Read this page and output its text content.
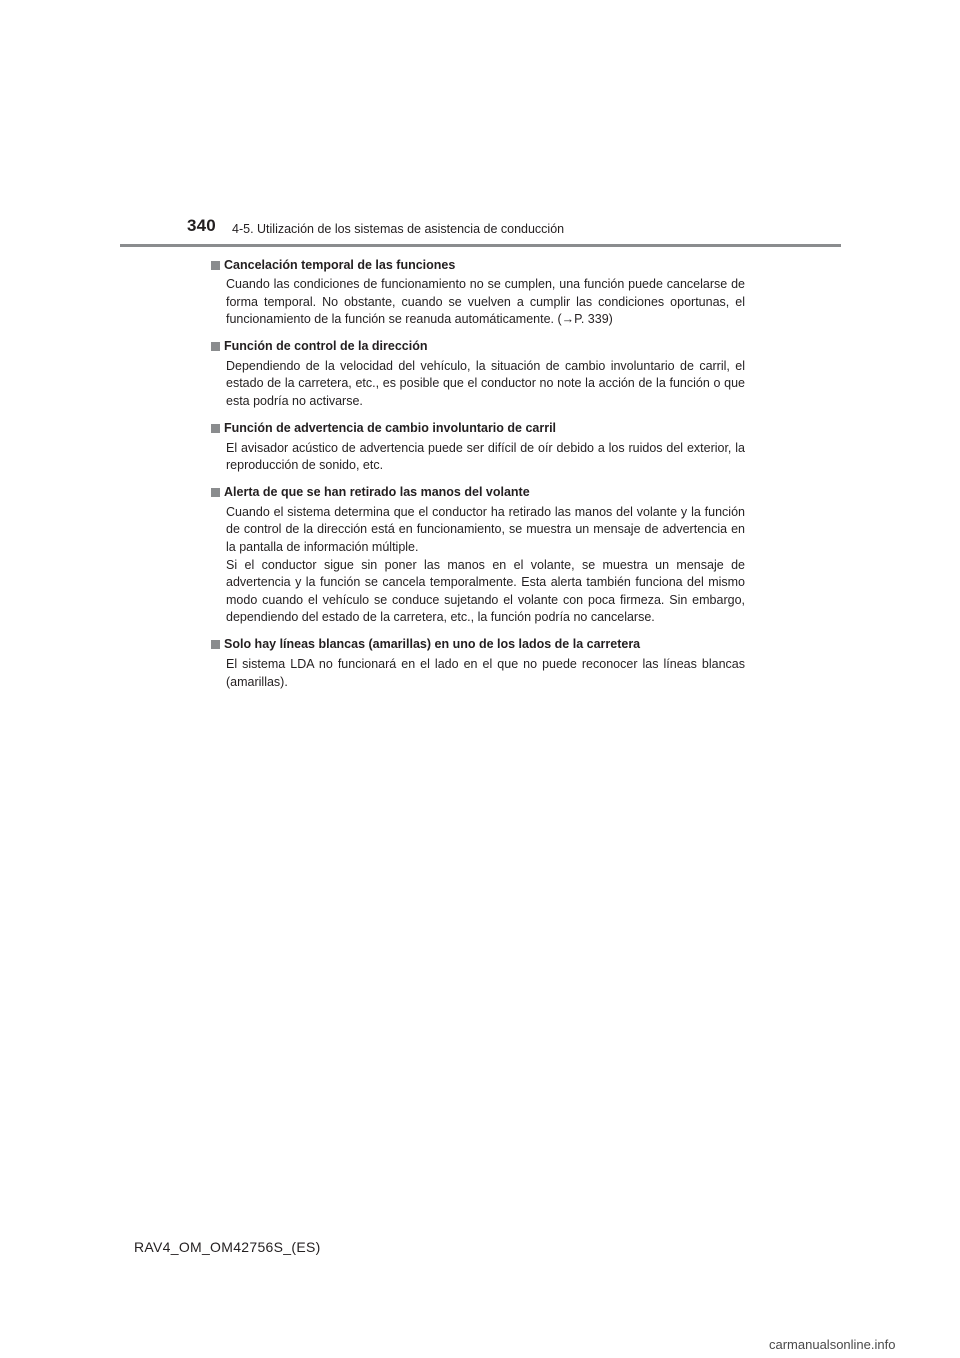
340 4-5. Utilización de los sistemas de asistencia de conducción
Cancelación temporal de las funciones
Cuando las condiciones de funcionamiento no se cumplen, una función puede cancelarse de forma temporal. No obstante, cuando se vuelven a cumplir las condiciones oportunas, el funcionamiento de la función se reanuda automáticamente. (→P. 339)
Función de control de la dirección
Dependiendo de la velocidad del vehículo, la situación de cambio involuntario de carril, el estado de la carretera, etc., es posible que el conductor no note la acción de la función o que esta podría no activarse.
Función de advertencia de cambio involuntario de carril
El avisador acústico de advertencia puede ser difícil de oír debido a los ruidos del exterior, la reproducción de sonido, etc.
Alerta de que se han retirado las manos del volante
Cuando el sistema determina que el conductor ha retirado las manos del volante y la función de control de la dirección está en funcionamiento, se muestra un mensaje de advertencia en la pantalla de información múltiple.
Si el conductor sigue sin poner las manos en el volante, se muestra un mensaje de advertencia y la función se cancela temporalmente. Esta alerta también funciona del mismo modo cuando el vehículo se conduce sujetando el volante con poca firmeza. Sin embargo, dependiendo del estado de la carretera, etc., la función podría no cancelarse.
Solo hay líneas blancas (amarillas) en uno de los lados de la carretera
El sistema LDA no funcionará en el lado en el que no puede reconocer las líneas blancas (amarillas).
RAV4_OM_OM42756S_(ES)
carmanualsonline.info
